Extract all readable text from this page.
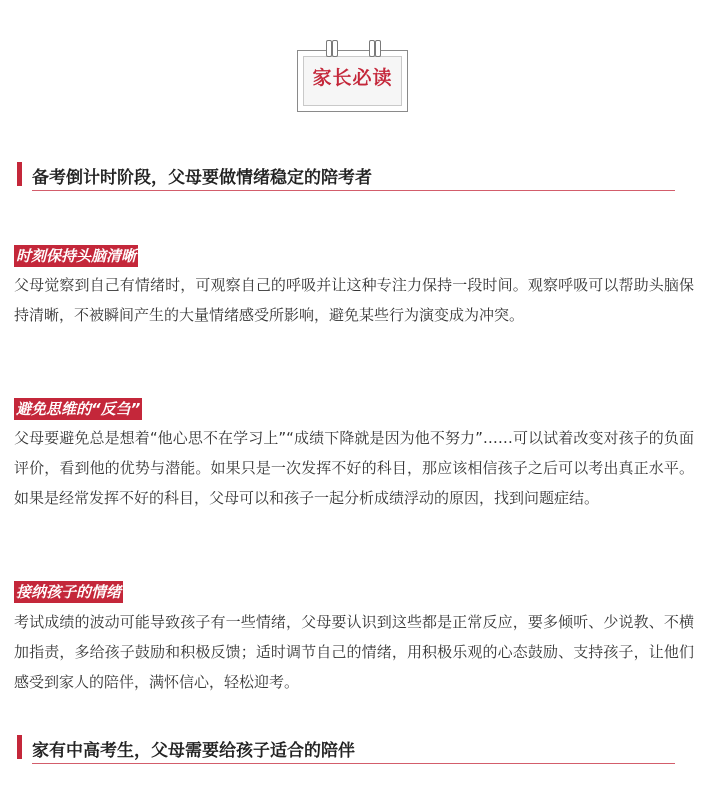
家长必读
备考倒计时阶段，父母要做情绪稳定的陪考者
时刻保持头脑清晰

父母觉察到自己有情绪时，可观察自己的呼吸并让这种专注力保持一段时间。观察呼吸可以帮助头脑保持清晰，不被瞬间产生的大量情绪感受所影响，避免某些行为演变成为冲突。

避免思维的“反刍”

父母要避免总是想着“他心思不在学习上”“成绩下降就是因为他不努力”……可以试着改变对孩子的负面评价，看到他的优势与潜能。如果只是一次发挥不好的科目，那应该相信孩子之后可以考出真正水平。如果是经常发挥不好的科目，父母可以和孩子一起分析成绩浮动的原因，找到问题症结。

接纳孩子的情绪

考试成绩的波动可能导致孩子有一些情绪，父母要认识到这些都是正常反应，要多倾听、少说教、不横加指责，多给孩子鼓励和积极反馈；适时调节自己的情绪，用积极乐观的心态鼓励、支持孩子，让他们感受到家人的陪伴，满怀信心，轻松迎考。

家有中高考生，父母需要给孩子适合的陪伴
